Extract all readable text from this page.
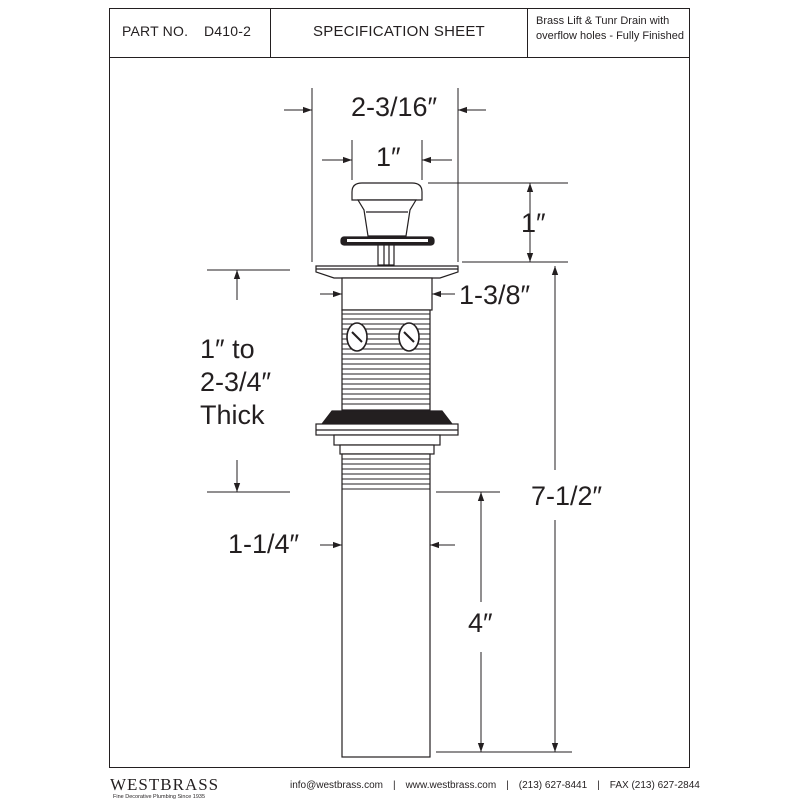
PART NO. D410-2	SPECIFICATION SHEET
Brass Lift & Tunr Drain with
overflow holes - Fully Finished
2-3/16″
1″
1″
1-3/8″
1″ to
2-3/4″
Thick
1-1/4″
7-1/2″
4″
WESTBRASS
Fine Decorative Plumbing Since 1935
info@westbrass.com | www.westbrass.com | (213) 627-8441 | FAX (213) 627-2844
